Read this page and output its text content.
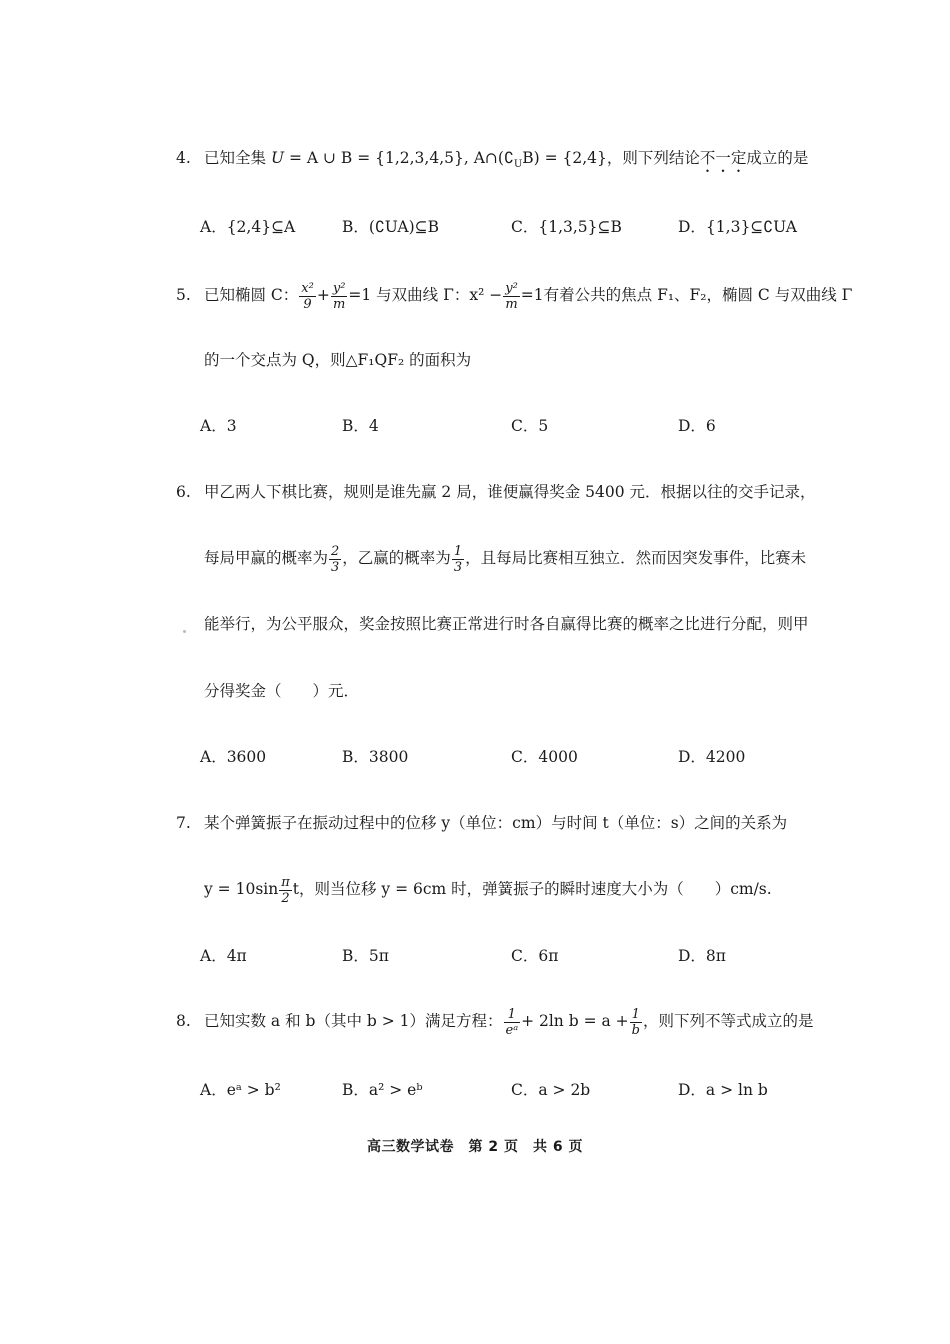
4. 已知全集 U = A ∪ B = {1,2,3,4,5}, $A\cap(∁_UB) = \{2,4\}$，则下列结论不一定成立的是
A．{2,4}⊆A	B．(∁UA)⊆B	C．{1,3,5}⊆B	D．{1,3}⊆∁UA
5. 已知椭圆 C： $\frac{\text{x²}}{9} + \frac{\text{y²}}{m} =1$ 与双曲线 Γ：$x^2 - \frac{\text{y²}}{m} =1$有着公共的焦点 F₁、F₂，椭圆 C 与双曲线 Γ
的一个交点为 Q，则△F₁QF₂ 的面积为
A．3	B．4	C．5	D．6
6. 甲乙两人下棋比赛，规则是谁先赢 2 局，谁便赢得奖金 5400 元．根据以往的交手记录，
每局甲赢的概率为 $\frac{2}{3}$ ，乙赢的概率为 $\frac{1}{3}$ ，且每局比赛相互独立．然而因突发事件，比赛未
能举行，为公平服众，奖金按照比赛正常进行时各自赢得比赛的概率之比进行分配，则甲
分得奖金（　　）元．
A．3600	B．3800	C．4000	D．4200
7. 某个弹簧振子在振动过程中的位移 y（单位：cm）与时间 t（单位：s）之间的关系为
$y = 10\sin \frac{\pi}{2}$ t，则当位移 y = 6cm 时，弹簧振子的瞬时速度大小为（　　）cm/s.
A．4π	B．5π	C．6π	D．8π
8. 已知实数 a 和 b（其中 b > 1）满足方程： $\frac{1}{\text{eᵃ}} + 2\ln$ $b = a + \frac{1}{b}$ ，则下列不等式成立的是
A．eᵃ > b²	B．a² > eᵇ	C．a > 2b	D．a > ln b
高三数学试卷　第 2 页　共 6 页
